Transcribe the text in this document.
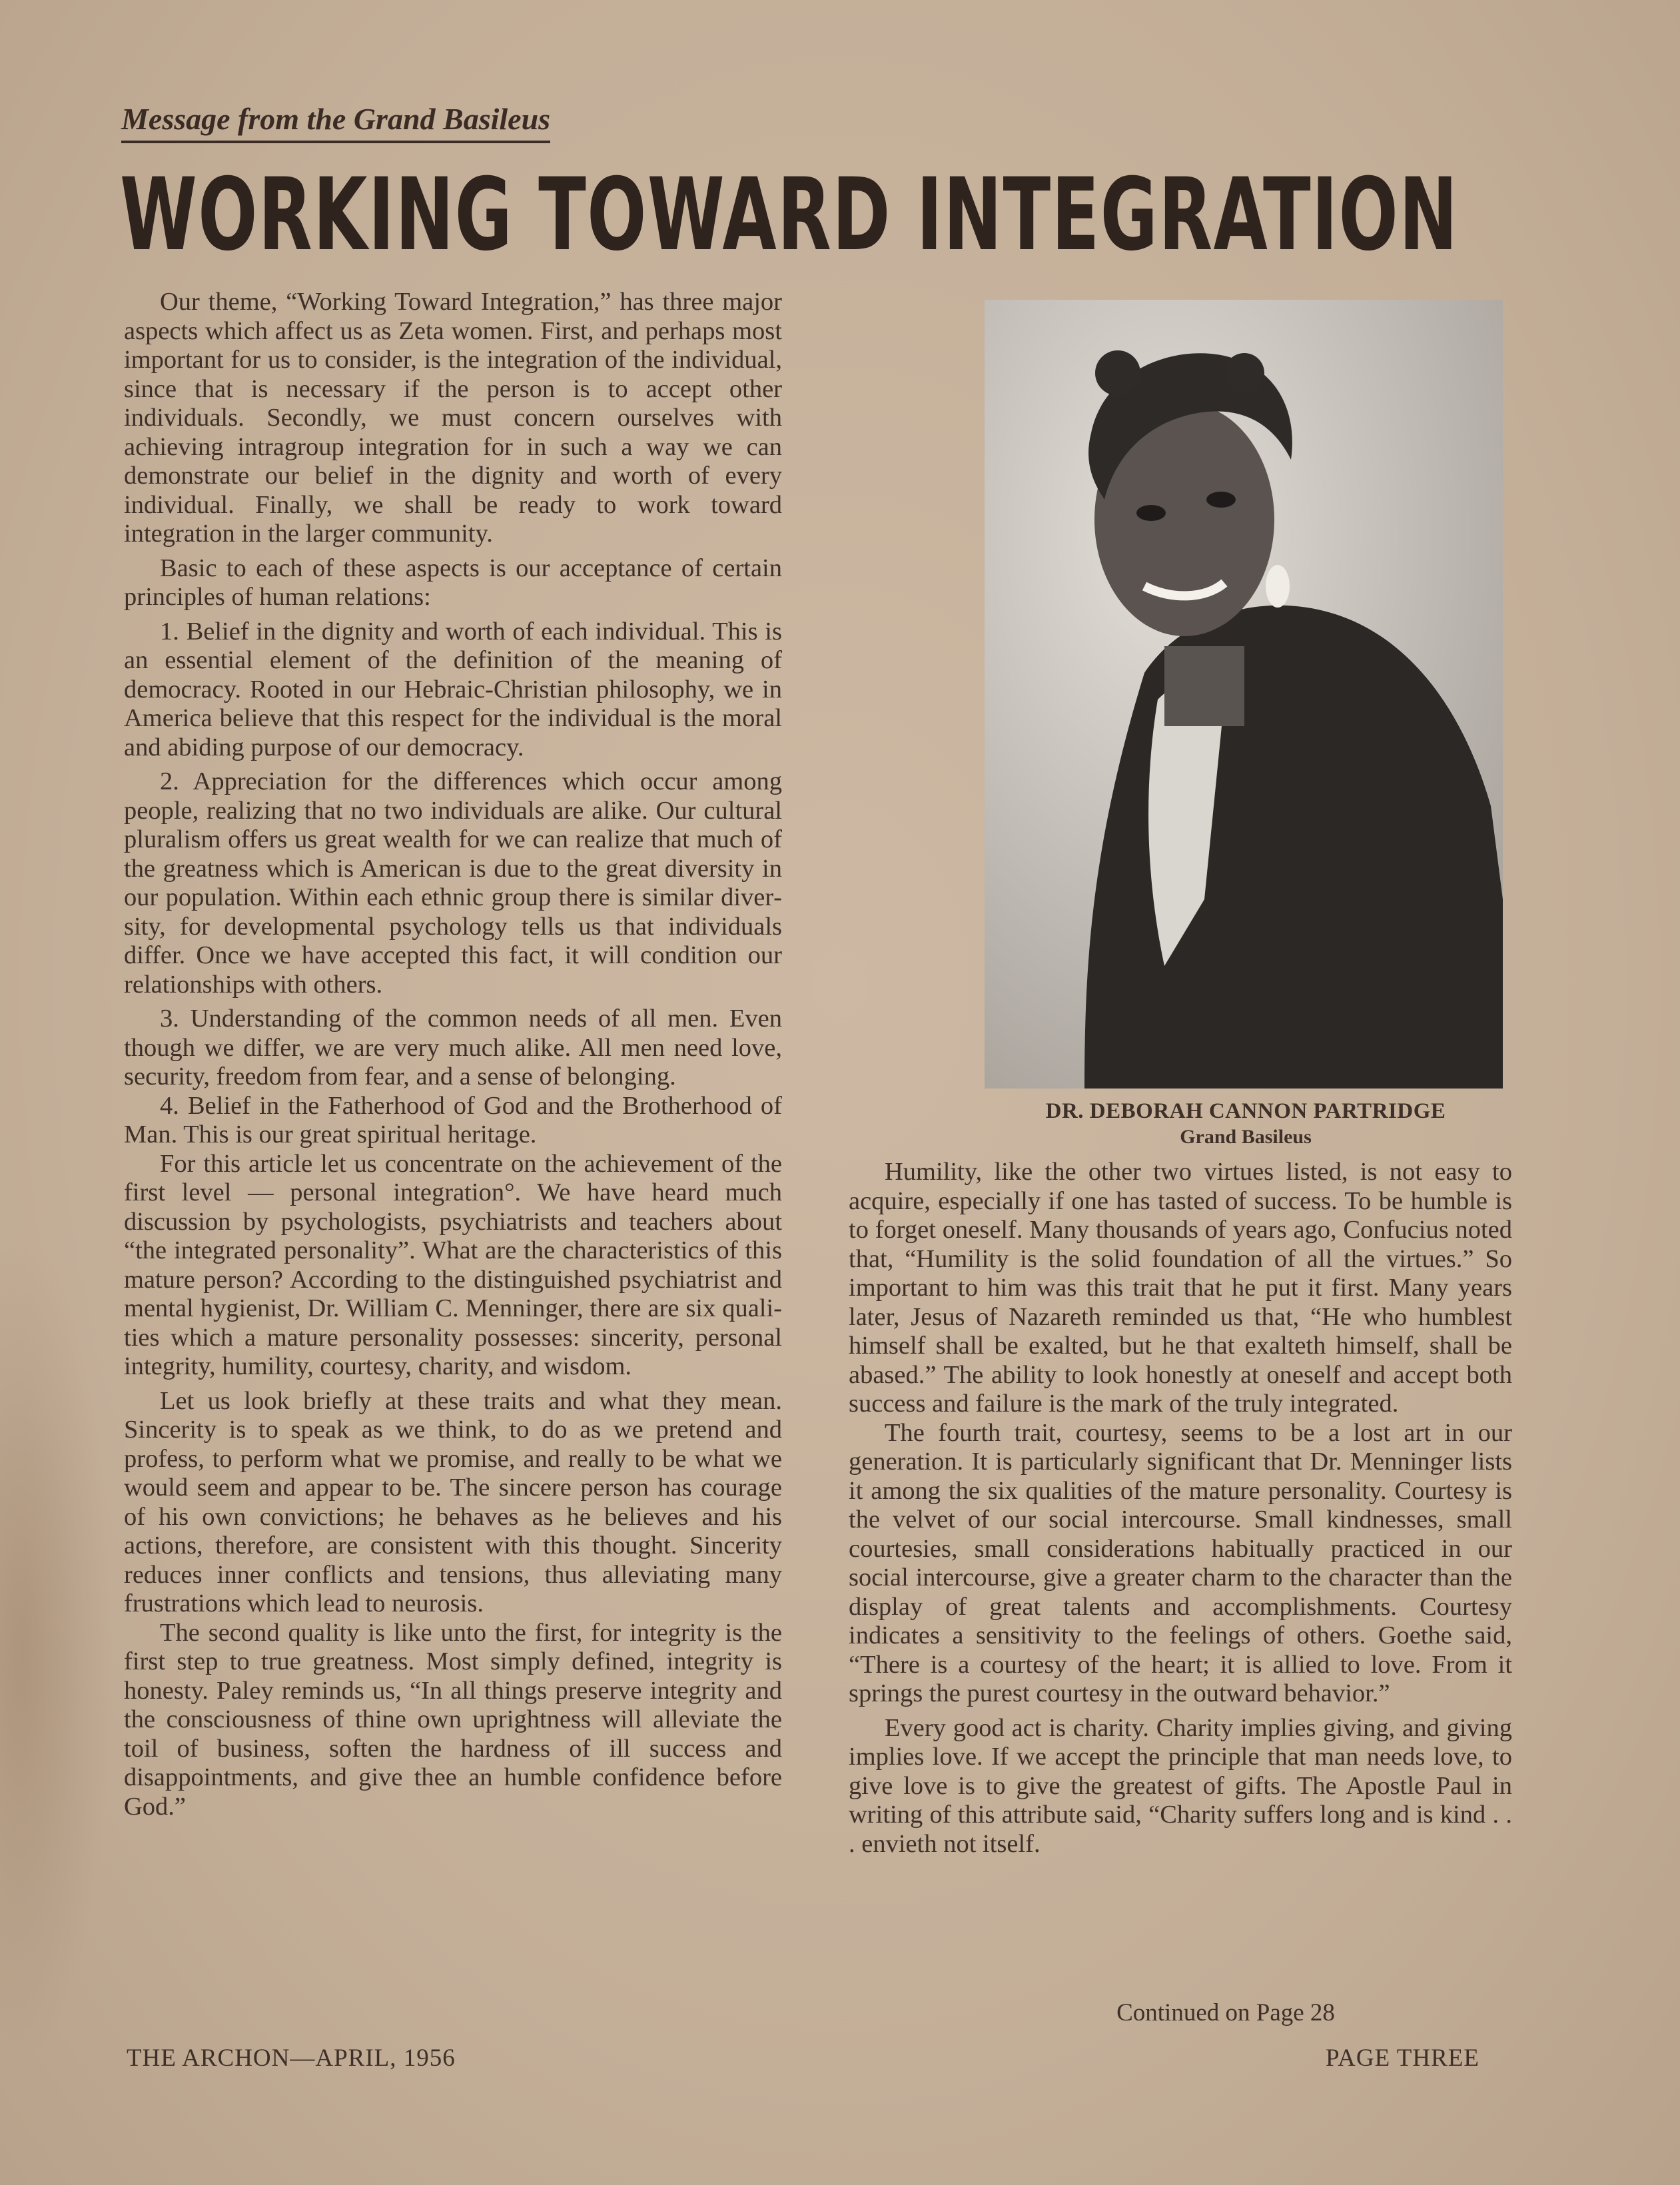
Message from the Grand Basileus
WORKING TOWARD INTEGRATION

Our theme, “Working Toward Integration,” has three major aspects which affect us as Zeta women. First, and perhaps most important for us to consider, is the integration of the individual, since that is necessary if the person is to accept other individuals. Secondly, we must concern ourselves with achieving intragroup integration for in such a way we can demonstrate our belief in the dignity and worth of every individual. Finally, we shall be ready to work toward integration in the larger community.

Basic to each of these aspects is our acceptance of certain principles of human relations:

1. Belief in the dignity and worth of each individual. This is an essential element of the definition of the meaning of democracy. Rooted in our Hebraic-Christian philosophy, we in America believe that this respect for the individual is the moral and abiding purpose of our democracy.

2. Appreciation for the differences which occur among people, realizing that no two individuals are alike. Our cultural pluralism offers us great wealth for we can realize that much of the greatness which is American is due to the great diversity in our population. Within each ethnic group there is similar diversity, for developmental psychology tells us that individuals differ. Once we have accepted this fact, it will condition our relationships with others.

3. Understanding of the common needs of all men. Even though we differ, we are very much alike. All men need love, security, freedom from fear, and a sense of belonging.

4. Belief in the Fatherhood of God and the Brotherhood of Man. This is our great spiritual heritage.

For this article let us concentrate on the achievement of the first level — personal integration°. We have heard much discussion by psychologists, psychiatrists and teachers about “the integrated personality”. What are the characteristics of this mature person? According to the distinguished psychiatrist and mental hygienist, Dr. William C. Menninger, there are six qualities which a mature personality possesses: sincerity, personal integrity, humility, courtesy, charity, and wisdom.

Let us look briefly at these traits and what they mean. Sincerity is to speak as we think, to do as we pretend and profess, to perform what we promise, and really to be what we would seem and appear to be. The sincere person has courage of his own convictions; he behaves as he believes and his actions, therefore, are consistent with this thought. Sincerity reduces inner conflicts and tensions, thus alleviating many frustrations which lead to neurosis.

The second quality is like unto the first, for integrity is the first step to true greatness. Most simply defined, integrity is honesty. Paley reminds us, “In all things preserve integrity and the consciousness of thine own uprightness will alleviate the toil of business, soften the hardness of ill success and disappointments, and give thee an humble confidence before God.”

DR. DEBORAH CANNON PARTRIDGE
Grand Basileus

Humility, like the other two virtues listed, is not easy to acquire, especially if one has tasted of success. To be humble is to forget oneself. Many thousands of years ago, Confucius noted that, “Humility is the solid foundation of all the virtues.” So important to him was this trait that he put it first. Many years later, Jesus of Nazareth reminded us that, “He who humblest himself shall be exalted, but he that exalteth himself, shall be abased.” The ability to look honestly at oneself and accept both success and failure is the mark of the truly integrated.

The fourth trait, courtesy, seems to be a lost art in our generation. It is particularly significant that Dr. Menninger lists it among the six qualities of the mature personality. Courtesy is the velvet of our social intercourse. Small kindnesses, small courtesies, small considerations habitually practiced in our social intercourse, give a greater charm to the character than the display of great talents and accomplishments. Courtesy indicates a sensitivity to the feelings of others. Goethe said, “There is a courtesy of the heart; it is allied to love. From it springs the purest courtesy in the outward behavior.”

Every good act is charity. Charity implies giving, and giving implies love. If we accept the principle that man needs love, to give love is to give the greatest of gifts. The Apostle Paul in writing of this attribute said, “Charity suffers long and is kind . . . envieth not itself.

Continued on Page 28
THE ARCHON—APRIL, 1956	PAGE THREE
